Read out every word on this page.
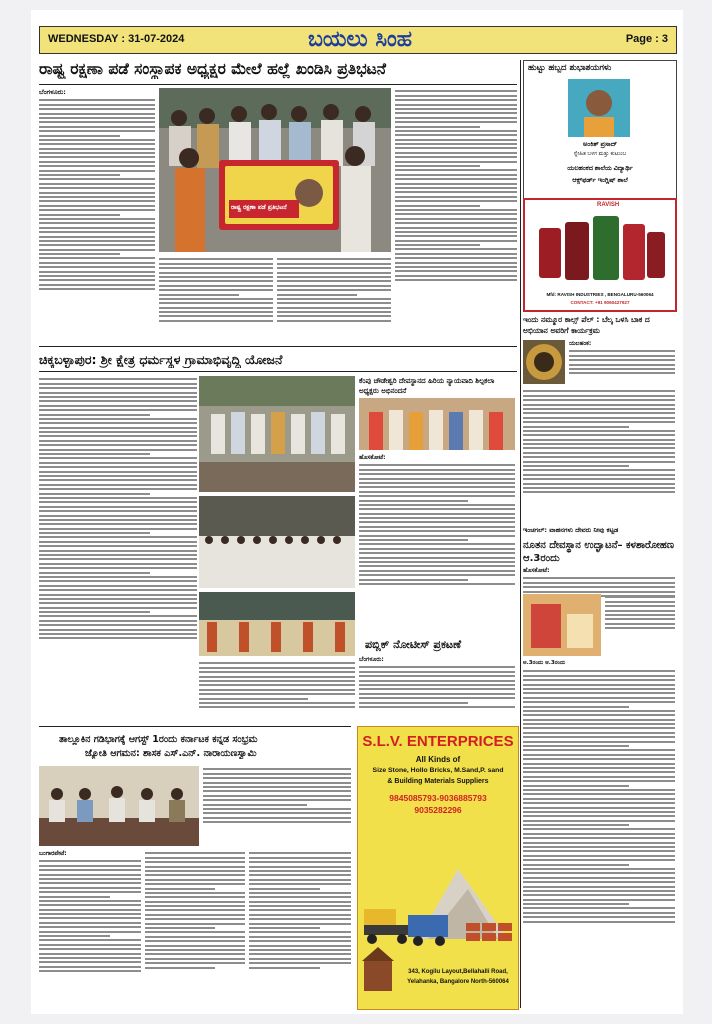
WEDNESDAY : 31-07-2024	ಬಯಲು ಸಿಂಹ	Page : 3
ರಾಷ್ಟ್ರ ರಕ್ಷಣಾ ಪಡೆ ಸಂಸ್ಥಾಪಕ ಅಧ್ಯಕ್ಷರ ಮೇಲೆ ಹಲ್ಲೆ ಖಂಡಿಸಿ ಪ್ರತಿಭಟನೆ
ಬೆಂಗಳೂರು:
ರಾಷ್ಟ್ರ ರಕ್ಷಣಾ ಪಡೆ ಪ್ರತಿಭಟನೆ
ಹುಟ್ಟು ಹಬ್ಬದ ಶುಭಾಶಯಗಳು
ಅಂಕಿತ್ ಪ್ರಸಾದ್
ಸ್ನೇಹಿತ ಬಳಗ ಮತ್ತು ಕುಟುಂಬ
ಯಲಹಂಕದ ಶಾಲೆಯ ವಿದ್ಯಾರ್ಥಿ
ಆಕ್ಸ್‌ಫರ್ಡ್ ಇಂಗ್ಲಿಷ್ ಶಾಲೆ
RAVISH
Mfd: RAVISH INDUSTRIES , BENGALURU-560064
CONTACT: +91 9060427927
ಇಂದು ನಮ್ಮೂರ ಕಾಲ್ಸ್ ಪೆಲ್ : ಬೆಲ್ಕ ಒಳಸಿ ಬಾಕ ದ ಅಭಿಯಾನ ಅವರಿಗೆ ಕಾರ್ಯಕ್ರಮ
ಯಲಹಂಕ:
ಇಂಚಗಲ್: ವಾಹನಗಳು ದೇವರು ನೀವು ಕಟ್ಟಡ
ನೂತನ ದೇವಸ್ಥಾನ ಉದ್ಘಾಟನೆ– ಕಳಶಾರೋಹಣ ಆ.3ರಂದು
ಹೊಸಕೋಟೆ:
ಅ.3ರಂದು ಆ.3ರಂದು
ಚಿಕ್ಕಬಳ್ಳಾಪುರ: ಶ್ರೀ ಕ್ಷೇತ್ರ ಧರ್ಮಸ್ಥಳ ಗ್ರಾಮಾಭಿವೃದ್ಧಿ ಯೋಜನೆ
ಕೆಂಪು ಚೌಡೇಶ್ವರಿ ದೇವಸ್ಥಾನದ ಹಿರಿಯ ನ್ಯಾಯವಾದಿ ಶಿಲ್ಪಕಲಾ ಅಧ್ಯಕ್ಷರು ಅಭಿನಂದನೆ
ಹೊಸಕೋಟೆ:
ಪಬ್ಲಿಕ್ ನೋಟೀಸ್ ಪ್ರಕಟಣೆ
ಬೆಂಗಳೂರು:
ತಾಲ್ಲೂಕಿನ ಗಡಿಭಾಗಕ್ಕೆ ಆಗಸ್ಟ್ 1ರಂದು ಕರ್ನಾಟಕ ಕನ್ನಡ ಸಂಭ್ರಮ
ಜ್ಯೋತಿ ಆಗಮನ: ಶಾಸಕ ಎಸ್.ಎನ್. ನಾರಾಯಣಸ್ವಾಮಿ
ಬಂಗಾರಪೇಟೆ:
S.L.V. ENTERPRICES
All Kinds of
Size Stone, Hollo Bricks, M.Sand,P. sand
& Building Materials Suppliers
9845085793-9036885793
9035282296
343, Kogilu Layout,Bellahalli Road,
Yelahanka, Bangalore North-560064
